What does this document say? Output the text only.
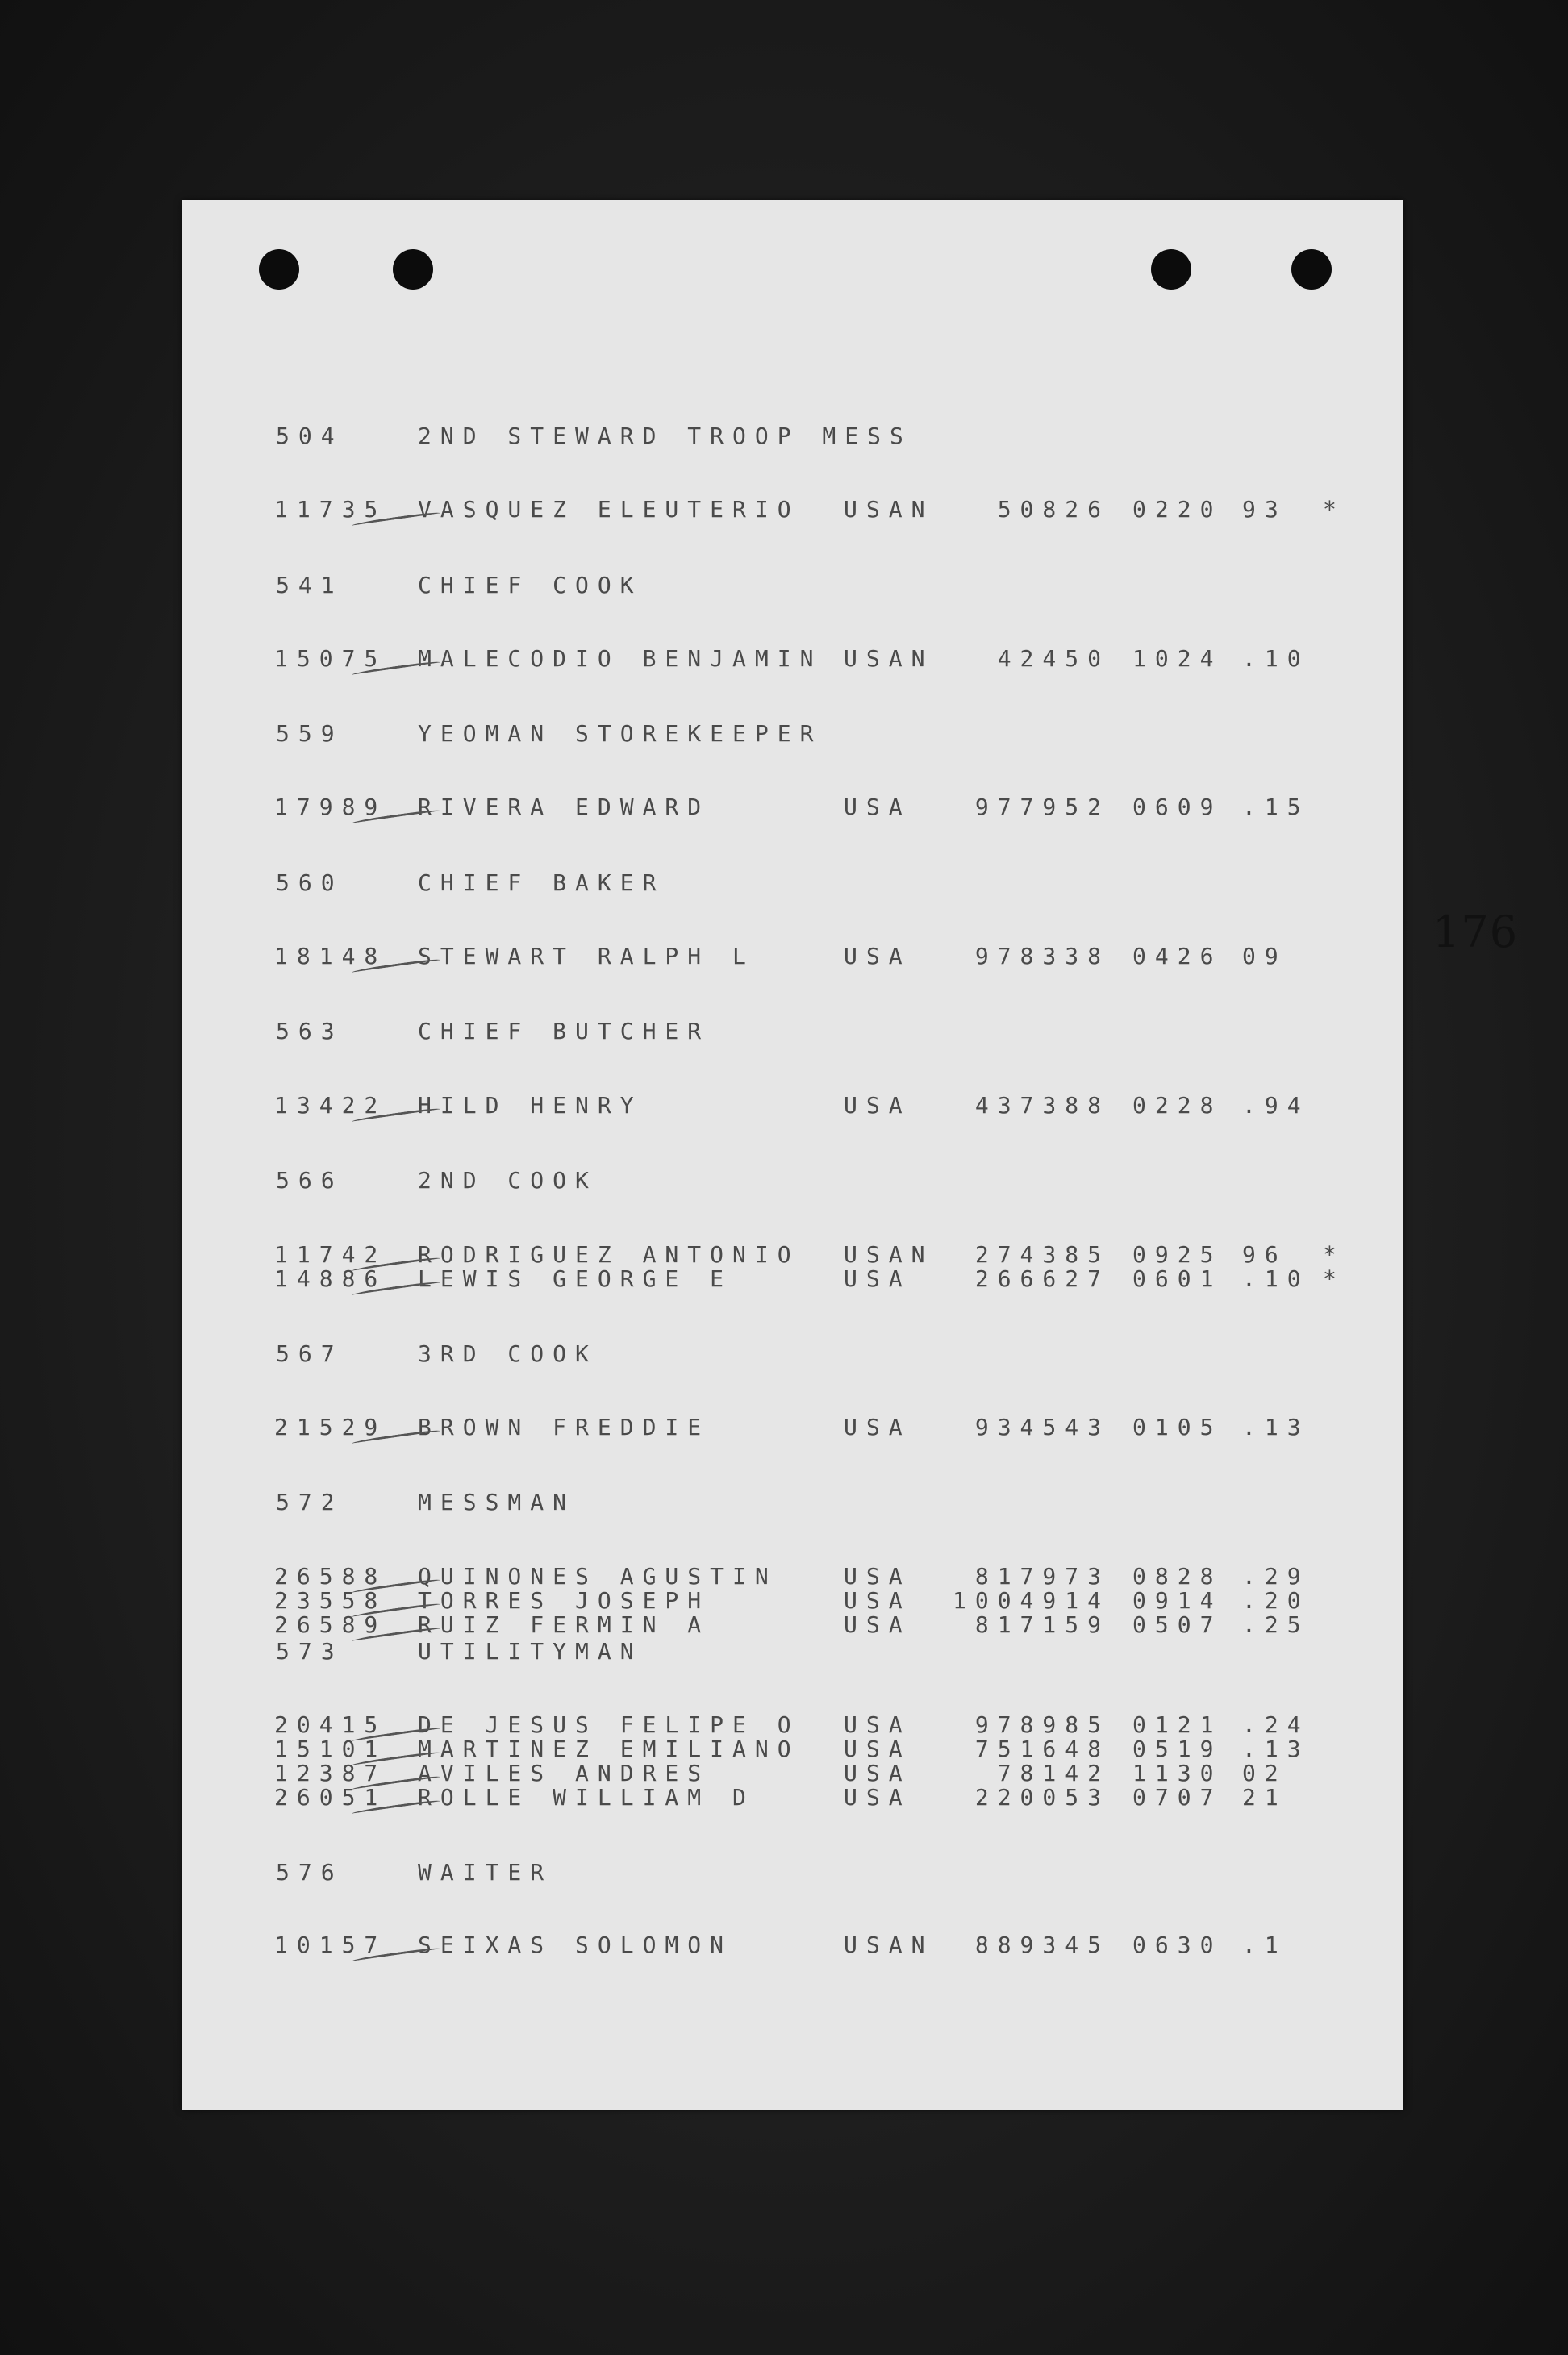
176
504	2ND STEWARD TROOP MESS
11735 VASQUEZ ELEUTERIO USAN	50826 0220 93 *
541	CHIEF COOK
15075 MALECODIO BENJAMIN USAN	42450 1024 .10
559	YEOMAN STOREKEEPER
17989 RIVERA EDWARD	USA	977952 0609 .15
560	CHIEF BAKER
18148 STEWART RALPH L	USA	978338 0426 09
563	CHIEF BUTCHER
13422 HILD HENRY	USA	437388 0228 .94
566	2ND COOK
11742 RODRIGUEZ ANTONIO USAN 274385 0925 96 *
14886 LEWIS GEORGE E	USA	266627 0601 .10 *
567	3RD COOK
21529 BROWN FREDDIE	USA	934543 0105 .13
572	MESSMAN
26588 QUINONES AGUSTIN	USA	817973 0828 .29
23558 TORRES JOSEPH	USA 1004914 0914 .20
26589 RUIZ FERMIN A	USA	817159 0507 .25
573	UTILITYMAN
20415 DE JESUS FELIPE O USA	978985 0121 .24
15101 MARTINEZ EMILIANO USA	751648 0519 .13
12387 AVILES ANDRES	USA	78142 1130 02
26051 ROLLE WILLIAM D	USA	220053 0707 21
576	WAITER
10157 SEIXAS SOLOMON	USAN 889345 0630 .1
